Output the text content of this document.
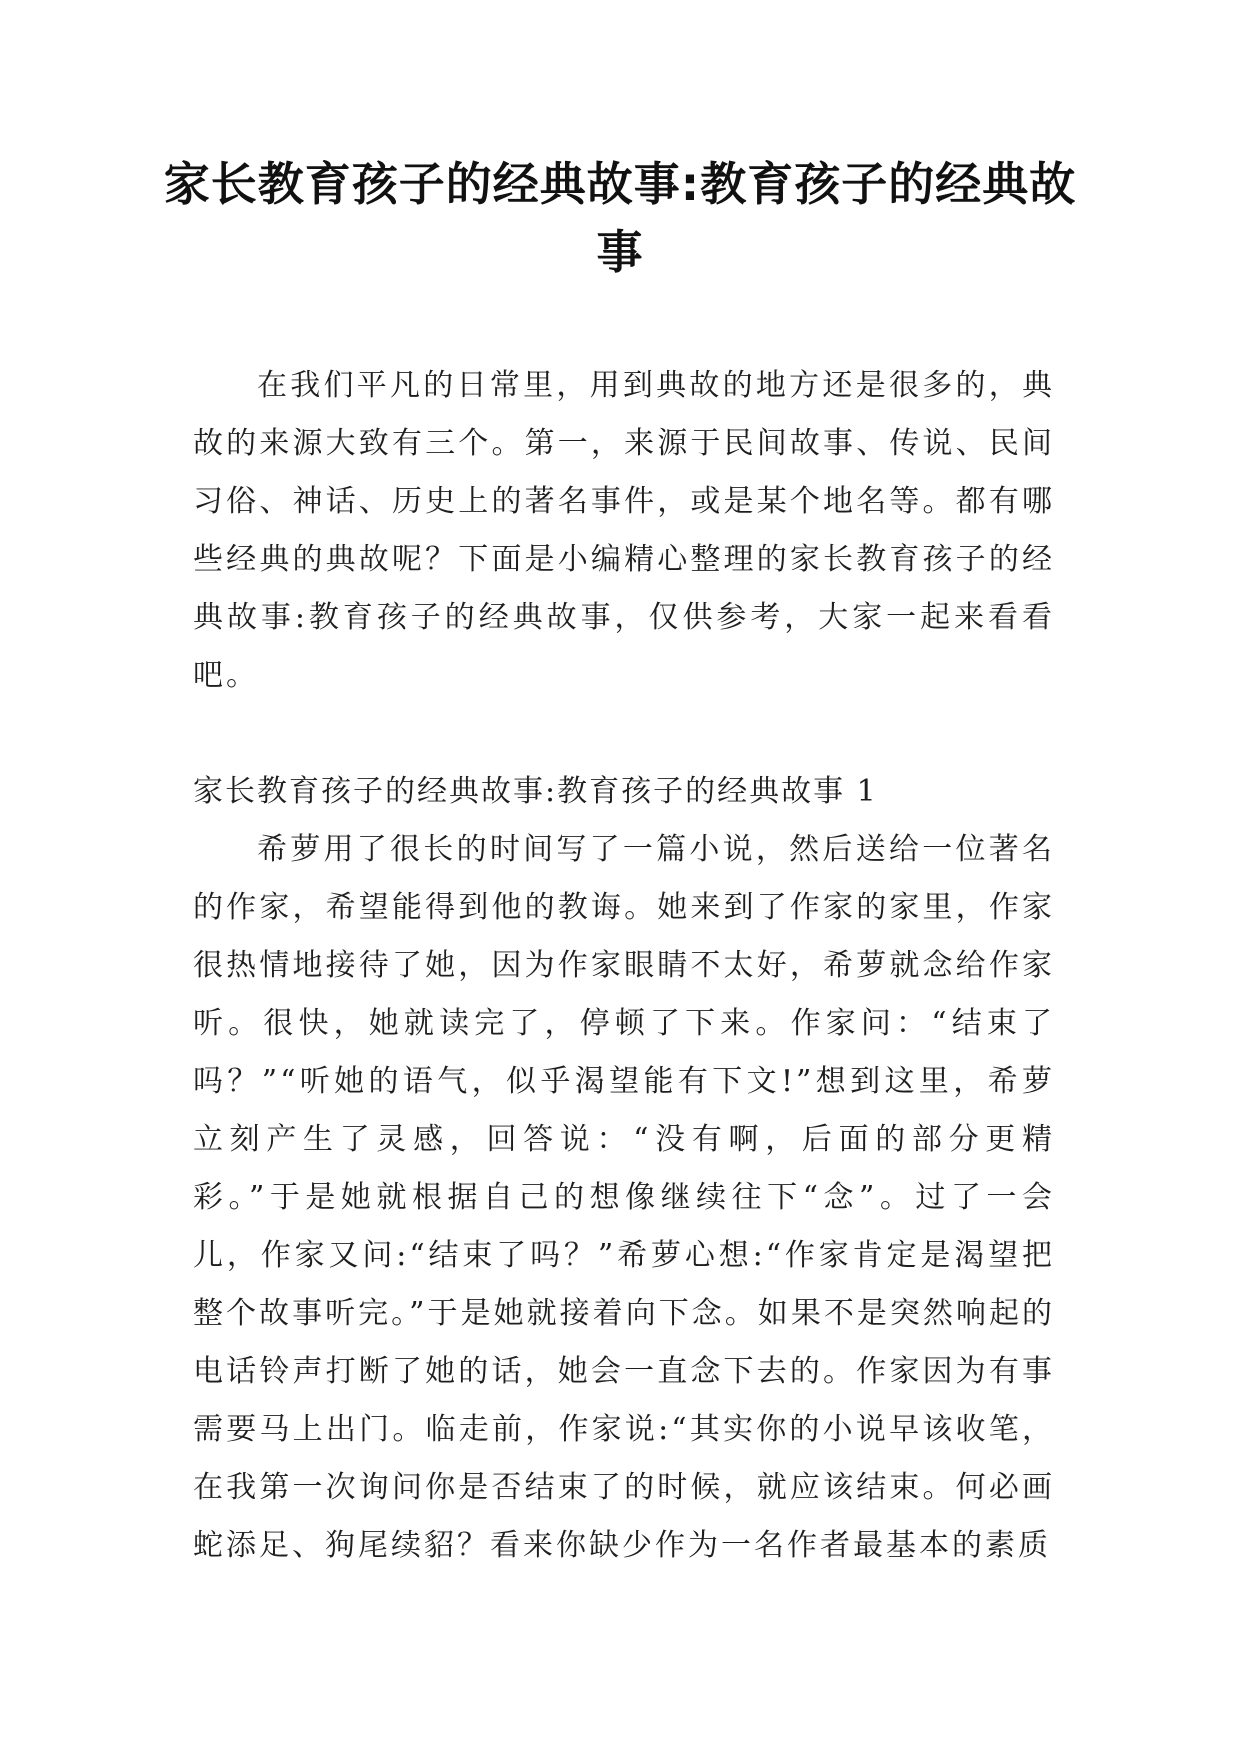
家长教育孩子的经典故事:教育孩子的经典故事

在我们平凡的日常里，用到典故的地方还是很多的，典故的来源大致有三个。第一，来源于民间故事、传说、民间习俗、神话、历史上的著名事件，或是某个地名等。都有哪些经典的典故呢？下面是小编精心整理的家长教育孩子的经典故事:教育孩子的经典故事，仅供参考，大家一起来看看吧。

家长教育孩子的经典故事:教育孩子的经典故事 1

希萝用了很长的时间写了一篇小说，然后送给一位著名的作家，希望能得到他的教诲。她来到了作家的家里，作家很热情地接待了她，因为作家眼睛不太好，希萝就念给作家听。很快，她就读完了，停顿了下来。作家问：“结束了吗？”“听她的语气，似乎渴望能有下文!”想到这里，希萝立刻产生了灵感，回答说：“没有啊，后面的部分更精彩。”于是她就根据自己的想像继续往下“念”。过了一会儿，作家又问:“结束了吗？”希萝心想:“作家肯定是渴望把整个故事听完。”于是她就接着向下念。如果不是突然响起的电话铃声打断了她的话，她会一直念下去的。作家因为有事需要马上出门。临走前，作家说:“其实你的小说早该收笔，在我第一次询问你是否结束了的时候，就应该结束。何必画蛇添足、狗尾续貂？看来你缺少作为一名作者最基本的素质
